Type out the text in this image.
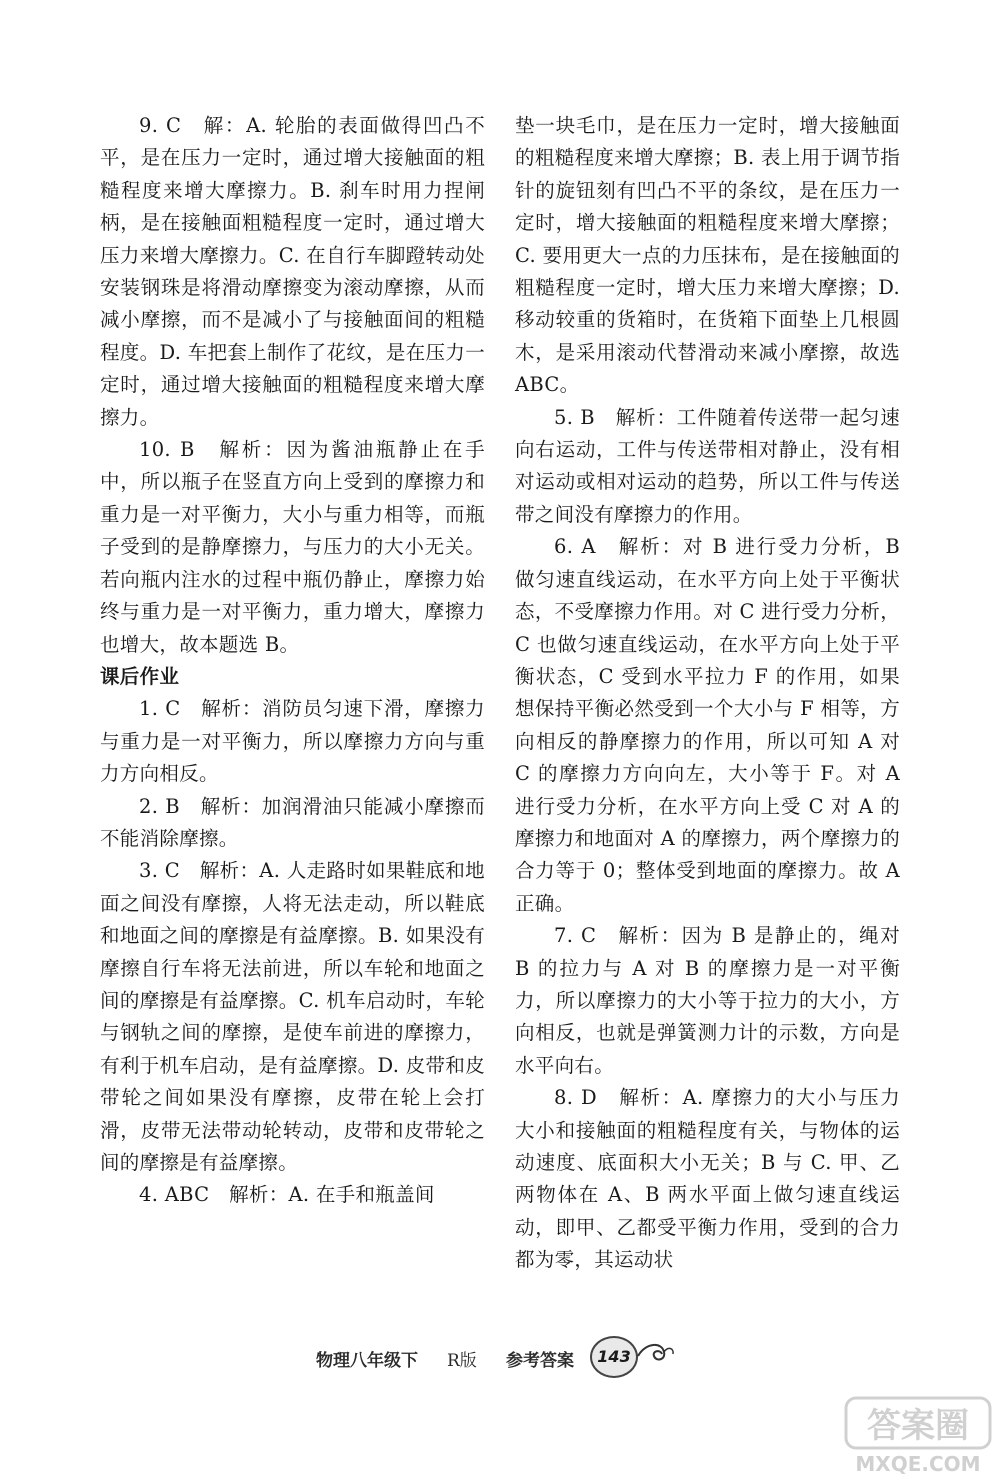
9. C　解：A. 轮胎的表面做得凹凸不平，是在压力一定时，通过增大接触面的粗糙程度来增大摩擦力。B. 刹车时用力捏闸柄，是在接触面粗糙程度一定时，通过增大压力来增大摩擦力。C. 在自行车脚蹬转动处安装钢珠是将滑动摩擦变为滚动摩擦，从而减小摩擦，而不是减小了与接触面间的粗糙程度。D. 车把套上制作了花纹，是在压力一定时，通过增大接触面的粗糙程度来增大摩擦力。

10. B　解析：因为酱油瓶静止在手中，所以瓶子在竖直方向上受到的摩擦力和重力是一对平衡力，大小与重力相等，而瓶子受到的是静摩擦力，与压力的大小无关。若向瓶内注水的过程中瓶仍静止，摩擦力始终与重力是一对平衡力，重力增大，摩擦力也增大，故本题选 B。

课后作业

1. C　解析：消防员匀速下滑，摩擦力与重力是一对平衡力，所以摩擦力方向与重力方向相反。

2. B　解析：加润滑油只能减小摩擦而不能消除摩擦。

3. C　解析：A. 人走路时如果鞋底和地面之间没有摩擦，人将无法走动，所以鞋底和地面之间的摩擦是有益摩擦。B. 如果没有摩擦自行车将无法前进，所以车轮和地面之间的摩擦是有益摩擦。C. 机车启动时，车轮与钢轨之间的摩擦，是使车前进的摩擦力，有利于机车启动，是有益摩擦。D. 皮带和皮带轮之间如果没有摩擦，皮带在轮上会打滑，皮带无法带动轮转动，皮带和皮带轮之间的摩擦是有益摩擦。

4. ABC　解析：A. 在手和瓶盖间

垫一块毛巾，是在压力一定时，增大接触面的粗糙程度来增大摩擦；B. 表上用于调节指针的旋钮刻有凹凸不平的条纹，是在压力一定时，增大接触面的粗糙程度来增大摩擦；C. 要用更大一点的力压抹布，是在接触面的粗糙程度一定时，增大压力来增大摩擦；D. 移动较重的货箱时，在货箱下面垫上几根圆木，是采用滚动代替滑动来减小摩擦，故选 ABC。

5. B　解析：工件随着传送带一起匀速向右运动，工件与传送带相对静止，没有相对运动或相对运动的趋势，所以工件与传送带之间没有摩擦力的作用。

6. A　解析：对 B 进行受力分析，B 做匀速直线运动，在水平方向上处于平衡状态，不受摩擦力作用。对 C 进行受力分析，C 也做匀速直线运动，在水平方向上处于平衡状态，C 受到水平拉力 F 的作用，如果想保持平衡必然受到一个大小与 F 相等，方向相反的静摩擦力的作用，所以可知 A 对 C 的摩擦力方向向左，大小等于 F。对 A 进行受力分析，在水平方向上受 C 对 A 的摩擦力和地面对 A 的摩擦力，两个摩擦力的合力等于 0；整体受到地面的摩擦力。故 A 正确。

7. C　解析：因为 B 是静止的，绳对 B 的拉力与 A 对 B 的摩擦力是一对平衡力，所以摩擦力的大小等于拉力的大小，方向相反，也就是弹簧测力计的示数，方向是水平向右。

8. D　解析：A. 摩擦力的大小与压力大小和接触面的粗糙程度有关，与物体的运动速度、底面积大小无关；B 与 C. 甲、乙两物体在 A、B 两水平面上做匀速直线运动，即甲、乙都受平衡力作用，受到的合力都为零，其运动状

物理八年级下 R版 参考答案	143
答案圈
MXQE.COM
